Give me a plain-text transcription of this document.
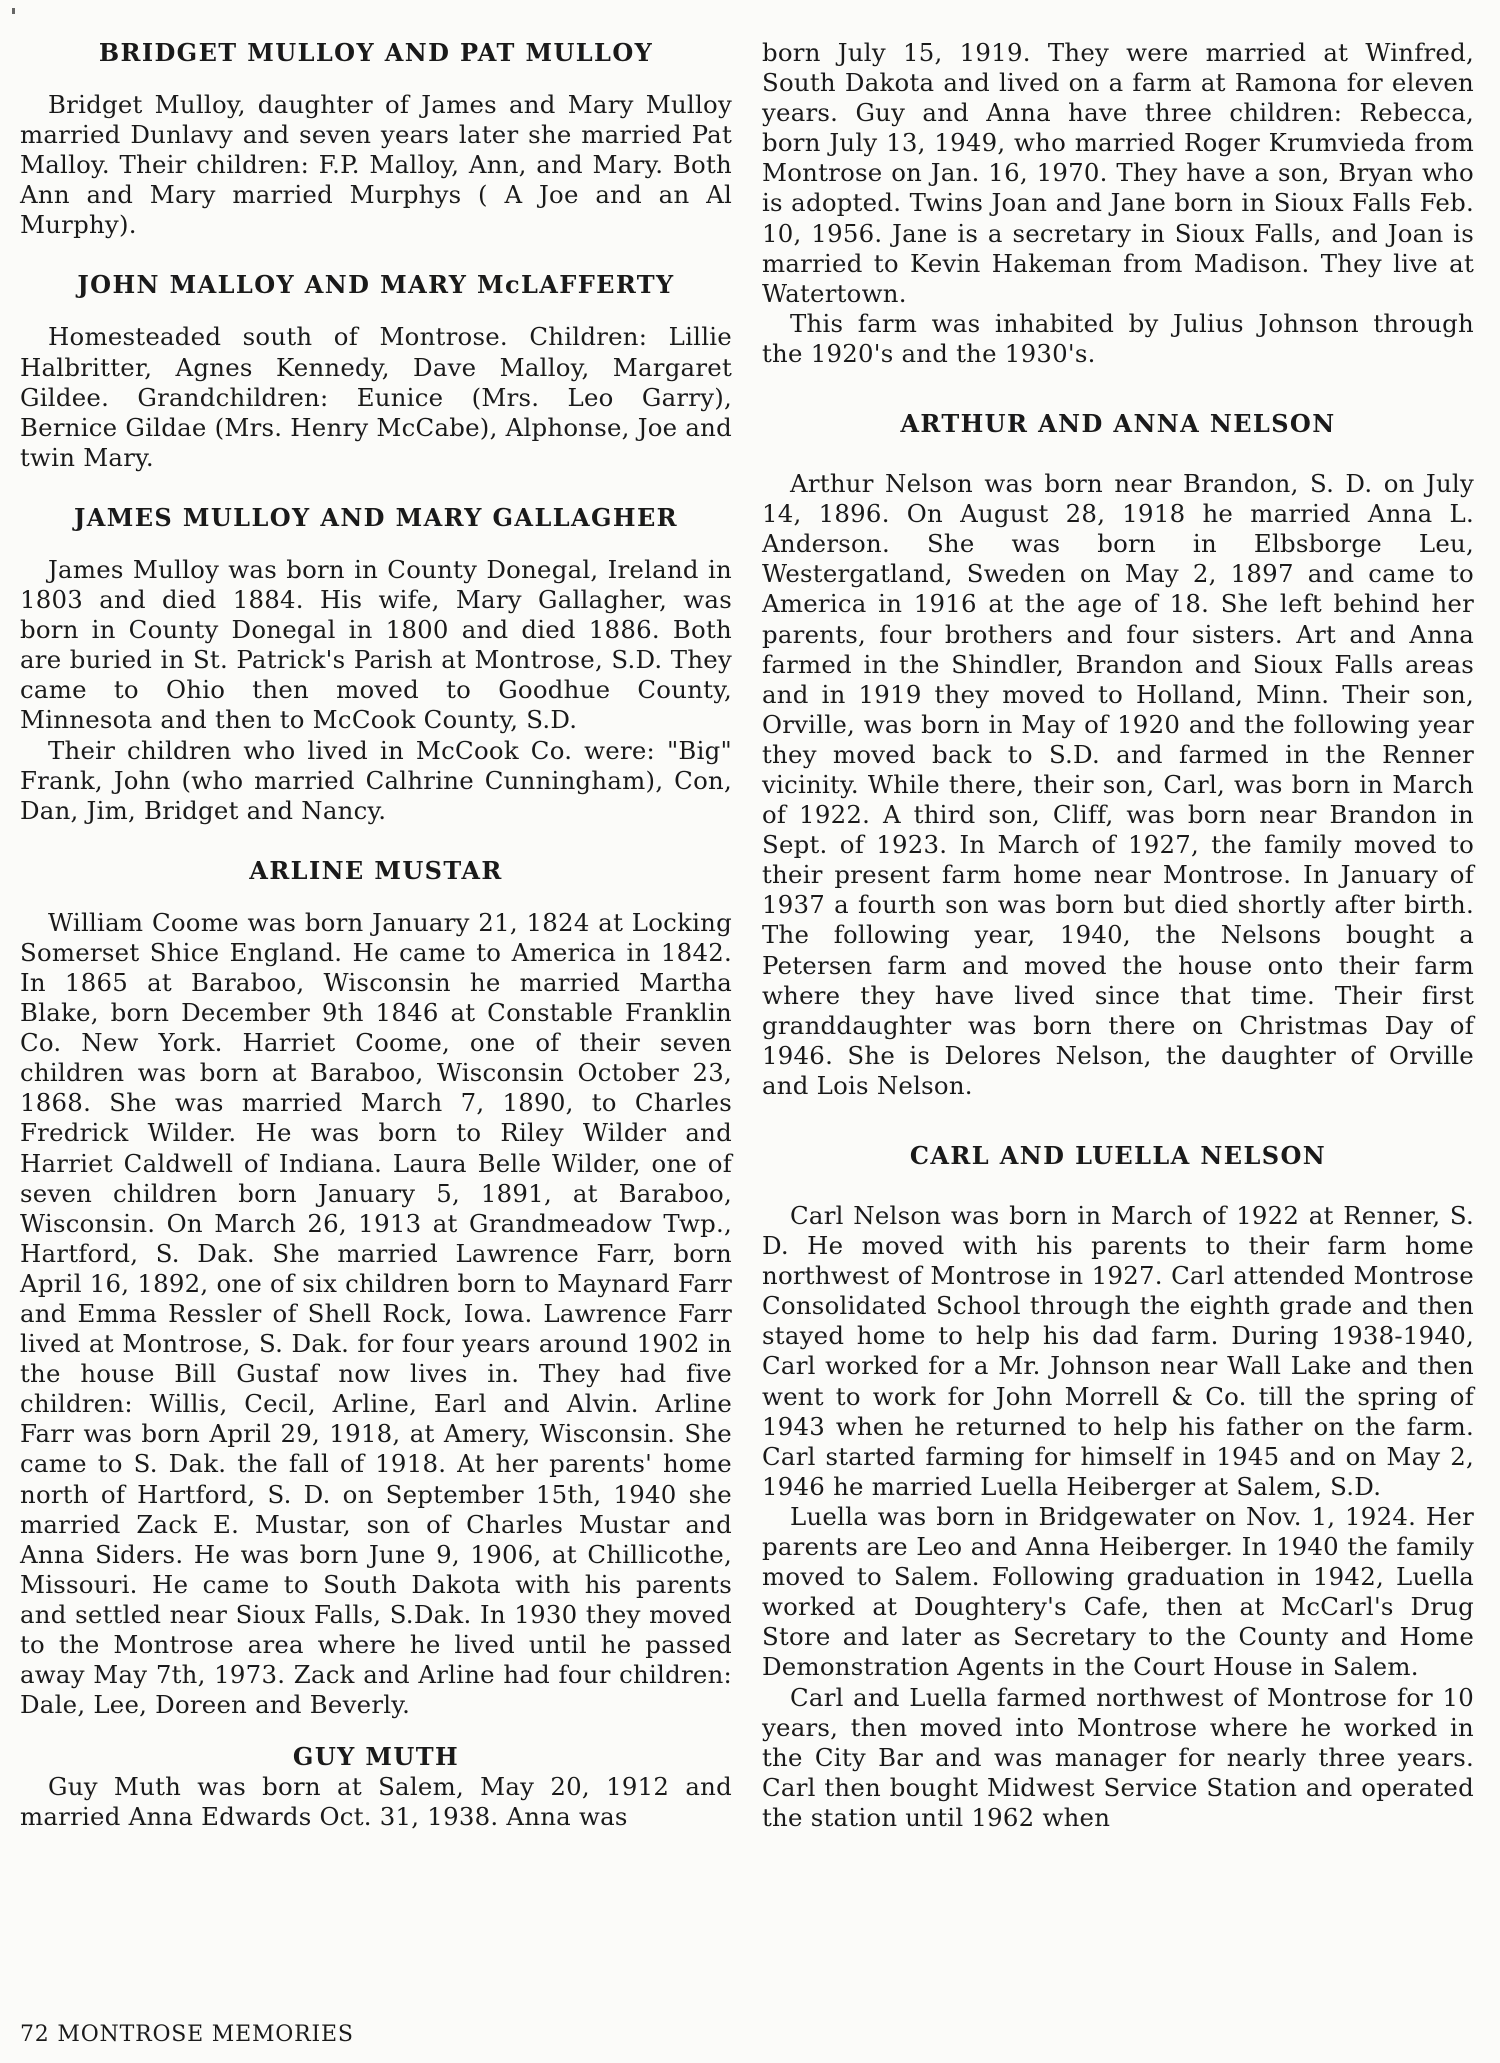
BRIDGET MULLOY AND PAT MULLOY

Bridget Mulloy, daughter of James and Mary Mulloy married Dunlavy and seven years later she married Pat Malloy. Their children: F.P. Malloy, Ann, and Mary. Both Ann and Mary married Murphys ( A Joe and an Al Murphy).

JOHN MALLOY AND MARY McLAFFERTY

Homesteaded south of Montrose. Children: Lillie Halbritter, Agnes Kennedy, Dave Malloy, Margaret Gildee. Grandchildren: Eunice (Mrs. Leo Garry), Bernice Gildae (Mrs. Henry McCabe), Alphonse, Joe and twin Mary.

JAMES MULLOY AND MARY GALLAGHER

James Mulloy was born in County Donegal, Ireland in 1803 and died 1884. His wife, Mary Gallagher, was born in County Donegal in 1800 and died 1886. Both are buried in St. Patrick's Parish at Montrose, S.D. They came to Ohio then moved to Goodhue County, Minnesota and then to McCook County, S.D.

Their children who lived in McCook Co. were: "Big" Frank, John (who married Calhrine Cunningham), Con, Dan, Jim, Bridget and Nancy.

ARLINE MUSTAR

William Coome was born January 21, 1824 at Locking Somerset Shice England. He came to America in 1842. In 1865 at Baraboo, Wisconsin he married Martha Blake, born December 9th 1846 at Constable Franklin Co. New York. Harriet Coome, one of their seven children was born at Baraboo, Wisconsin October 23, 1868. She was married March 7, 1890, to Charles Fredrick Wilder. He was born to Riley Wilder and Harriet Caldwell of Indiana. Laura Belle Wilder, one of seven children born January 5, 1891, at Baraboo, Wisconsin. On March 26, 1913 at Grandmeadow Twp., Hartford, S. Dak. She married Lawrence Farr, born April 16, 1892, one of six children born to Maynard Farr and Emma Ressler of Shell Rock, Iowa. Lawrence Farr lived at Montrose, S. Dak. for four years around 1902 in the house Bill Gustaf now lives in. They had five children: Willis, Cecil, Arline, Earl and Alvin. Arline Farr was born April 29, 1918, at Amery, Wisconsin. She came to S. Dak. the fall of 1918. At her parents' home north of Hartford, S. D. on September 15th, 1940 she married Zack E. Mustar, son of Charles Mustar and Anna Siders. He was born June 9, 1906, at Chillicothe, Missouri. He came to South Dakota with his parents and settled near Sioux Falls, S.Dak. In 1930 they moved to the Montrose area where he lived until he passed away May 7th, 1973. Zack and Arline had four children: Dale, Lee, Doreen and Beverly.

GUY MUTH

Guy Muth was born at Salem, May 20, 1912 and married Anna Edwards Oct. 31, 1938. Anna was

born July 15, 1919. They were married at Winfred, South Dakota and lived on a farm at Ramona for eleven years. Guy and Anna have three children: Rebecca, born July 13, 1949, who married Roger Krumvieda from Montrose on Jan. 16, 1970. They have a son, Bryan who is adopted. Twins Joan and Jane born in Sioux Falls Feb. 10, 1956. Jane is a secretary in Sioux Falls, and Joan is married to Kevin Hakeman from Madison. They live at Watertown.

This farm was inhabited by Julius Johnson through the 1920's and the 1930's.

ARTHUR AND ANNA NELSON

Arthur Nelson was born near Brandon, S. D. on July 14, 1896. On August 28, 1918 he married Anna L. Anderson. She was born in Elbsborge Leu, Westergatland, Sweden on May 2, 1897 and came to America in 1916 at the age of 18. She left behind her parents, four brothers and four sisters. Art and Anna farmed in the Shindler, Brandon and Sioux Falls areas and in 1919 they moved to Holland, Minn. Their son, Orville, was born in May of 1920 and the following year they moved back to S.D. and farmed in the Renner vicinity. While there, their son, Carl, was born in March of 1922. A third son, Cliff, was born near Brandon in Sept. of 1923. In March of 1927, the family moved to their present farm home near Montrose. In January of 1937 a fourth son was born but died shortly after birth. The following year, 1940, the Nelsons bought a Petersen farm and moved the house onto their farm where they have lived since that time. Their first granddaughter was born there on Christmas Day of 1946. She is Delores Nelson, the daughter of Orville and Lois Nelson.

CARL AND LUELLA NELSON

Carl Nelson was born in March of 1922 at Renner, S. D. He moved with his parents to their farm home northwest of Montrose in 1927. Carl attended Montrose Consolidated School through the eighth grade and then stayed home to help his dad farm. During 1938-1940, Carl worked for a Mr. Johnson near Wall Lake and then went to work for John Morrell & Co. till the spring of 1943 when he returned to help his father on the farm. Carl started farming for himself in 1945 and on May 2, 1946 he married Luella Heiberger at Salem, S.D.

Luella was born in Bridgewater on Nov. 1, 1924. Her parents are Leo and Anna Heiberger. In 1940 the family moved to Salem. Following graduation in 1942, Luella worked at Doughtery's Cafe, then at McCarl's Drug Store and later as Secretary to the County and Home Demonstration Agents in the Court House in Salem.

Carl and Luella farmed northwest of Montrose for 10 years, then moved into Montrose where he worked in the City Bar and was manager for nearly three years. Carl then bought Midwest Service Station and operated the station until 1962 when

72 MONTROSE MEMORIES
